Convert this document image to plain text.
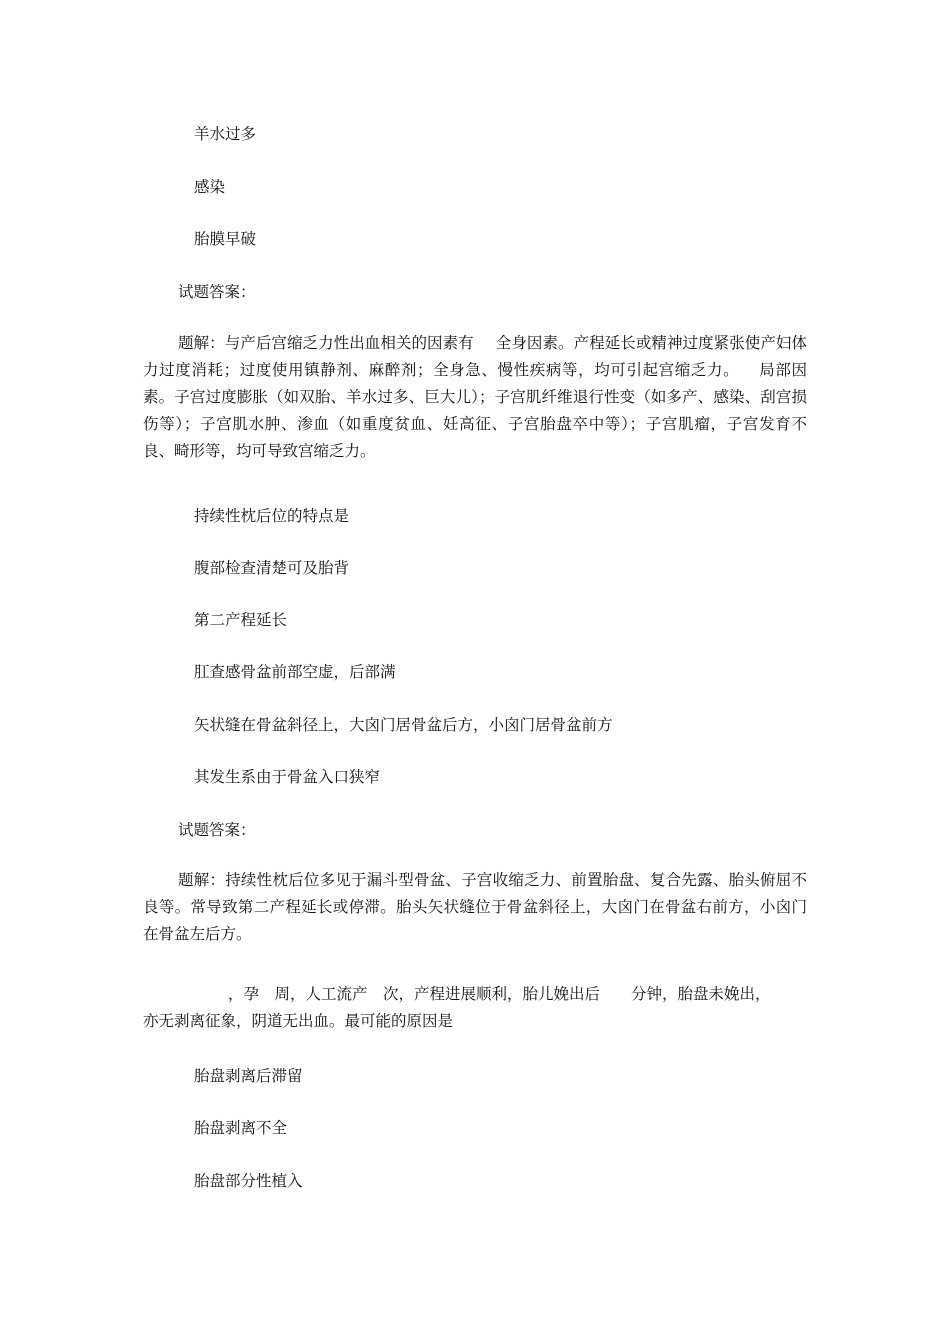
羊水过多
感染
胎膜早破
试题答案：
题解：与产后宫缩乏力性出血相关的因素有 全身因素。产程延长或精神过度紧张使产妇体力过度消耗；过度使用镇静剂、麻醉剂；全身急、慢性疾病等，均可引起宫缩乏力。 局部因素。子宫过度膨胀（如双胎、羊水过多、巨大儿）；子宫肌纤维退行性变（如多产、感染、刮宫损伤等）；子宫肌水肿、渗血（如重度贫血、妊高征、子宫胎盘卒中等）；子宫肌瘤，子宫发育不良、畸形等，均可导致宫缩乏力。
持续性枕后位的特点是
腹部检查清楚可及胎背
第二产程延长
肛查感骨盆前部空虚，后部满
矢状缝在骨盆斜径上，大囟门居骨盆后方，小囟门居骨盆前方
其发生系由于骨盆入口狭窄
试题答案：
题解：持续性枕后位多见于漏斗型骨盆、子宫收缩乏力、前置胎盘、复合先露、胎头俯屈不良等。常导致第二产程延长或停滞。胎头矢状缝位于骨盆斜径上，大囟门在骨盆右前方，小囟门在骨盆左后方。
，孕　周，人工流产　次，产程进展顺利，胎儿娩出后　　分钟，胎盘未娩出，
亦无剥离征象，阴道无出血。最可能的原因是
胎盘剥离后滞留
胎盘剥离不全
胎盘部分性植入
